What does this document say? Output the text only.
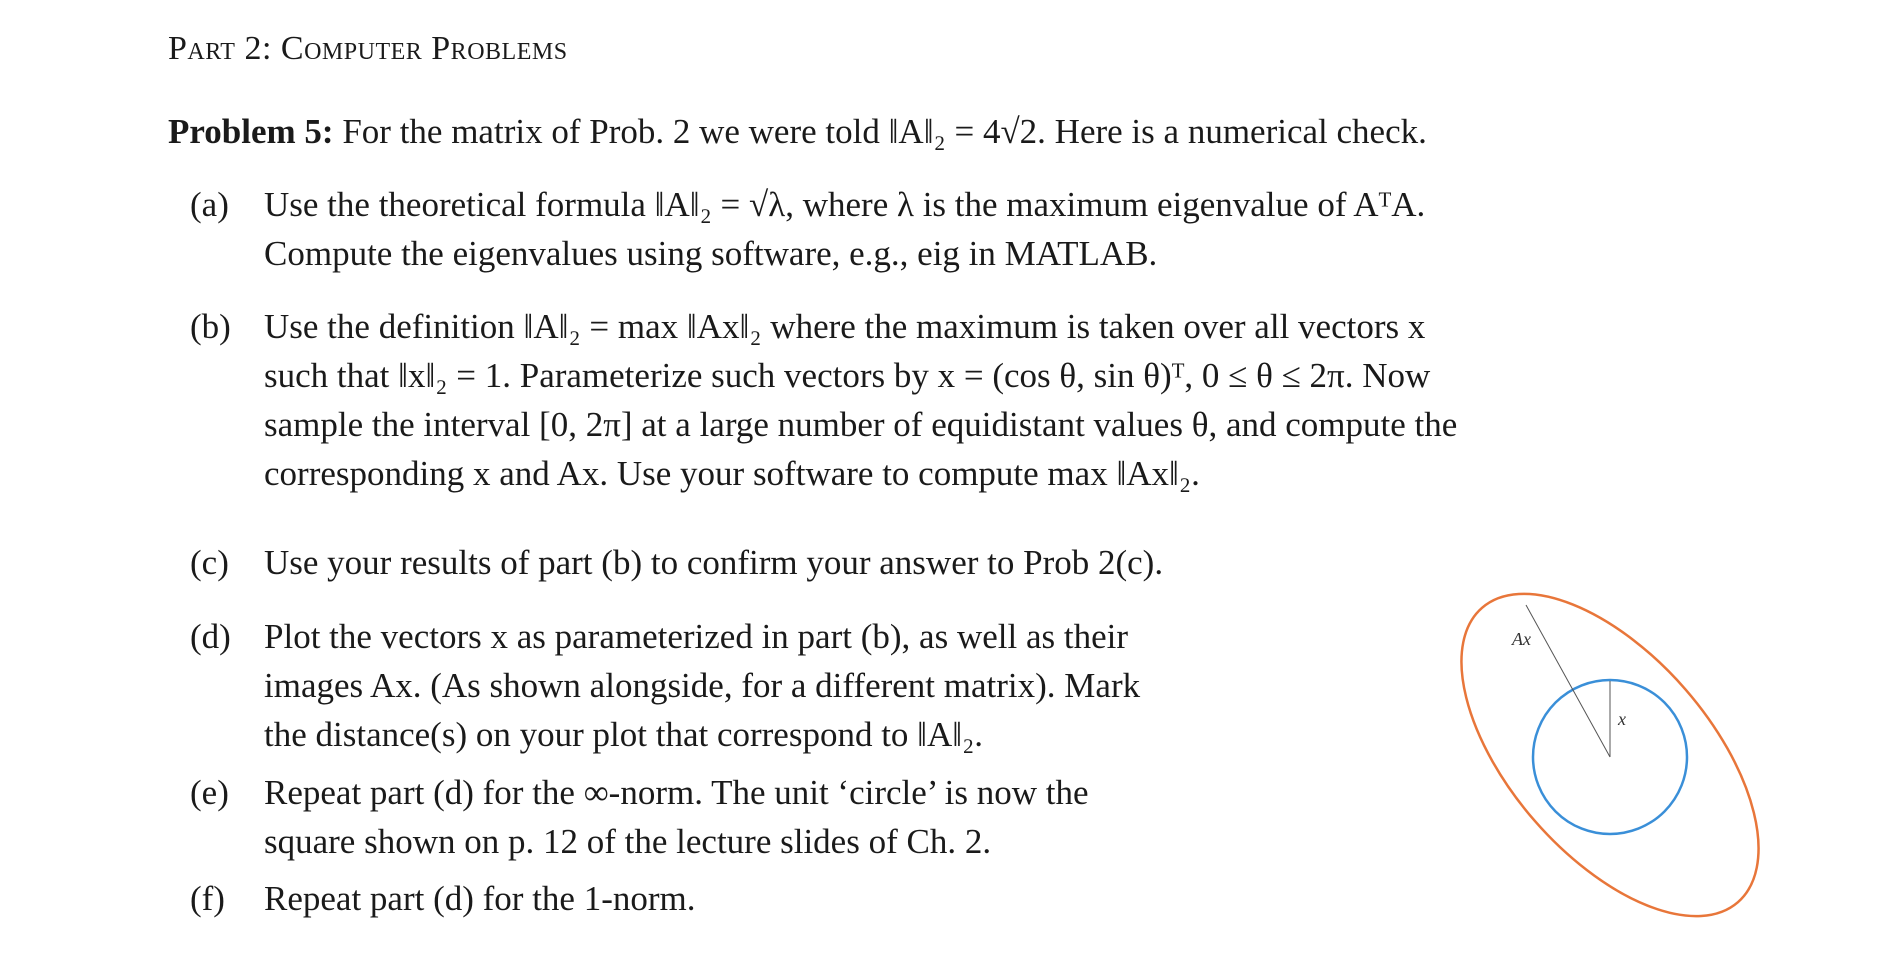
Part 2: Computer Problems
Problem 5: For the matrix of Prob. 2 we were told ‖A‖₂ = 4√2. Here is a numerical check.
(a)	Use the theoretical formula ‖A‖₂ = √λ, where λ is the maximum eigenvalue of AᵀA.
Compute the eigenvalues using software, e.g., eig in MATLAB.
(b) Use the definition ‖A‖₂ = max ‖Ax‖₂ where the maximum is taken over all vectors x
such that ‖x‖₂ = 1. Parameterize such vectors by x = (cos θ, sin θ)ᵀ, 0 ≤ θ ≤ 2π. Now
sample the interval [0, 2π] at a large number of equidistant values θ, and compute the
corresponding x and Ax. Use your software to compute max ‖Ax‖₂.
(c)	Use your results of part (b) to confirm your answer to Prob 2(c).
(d) Plot the vectors x as parameterized in part (b), as well as their
images Ax. (As shown alongside, for a different matrix). Mark
the distance(s) on your plot that correspond to ‖A‖₂.
(e)	Repeat part (d) for the ∞-norm. The unit ‘circle’ is now the
square shown on p. 12 of the lecture slides of Ch. 2.
(f)	Repeat part (d) for the 1-norm.
Ax
x
